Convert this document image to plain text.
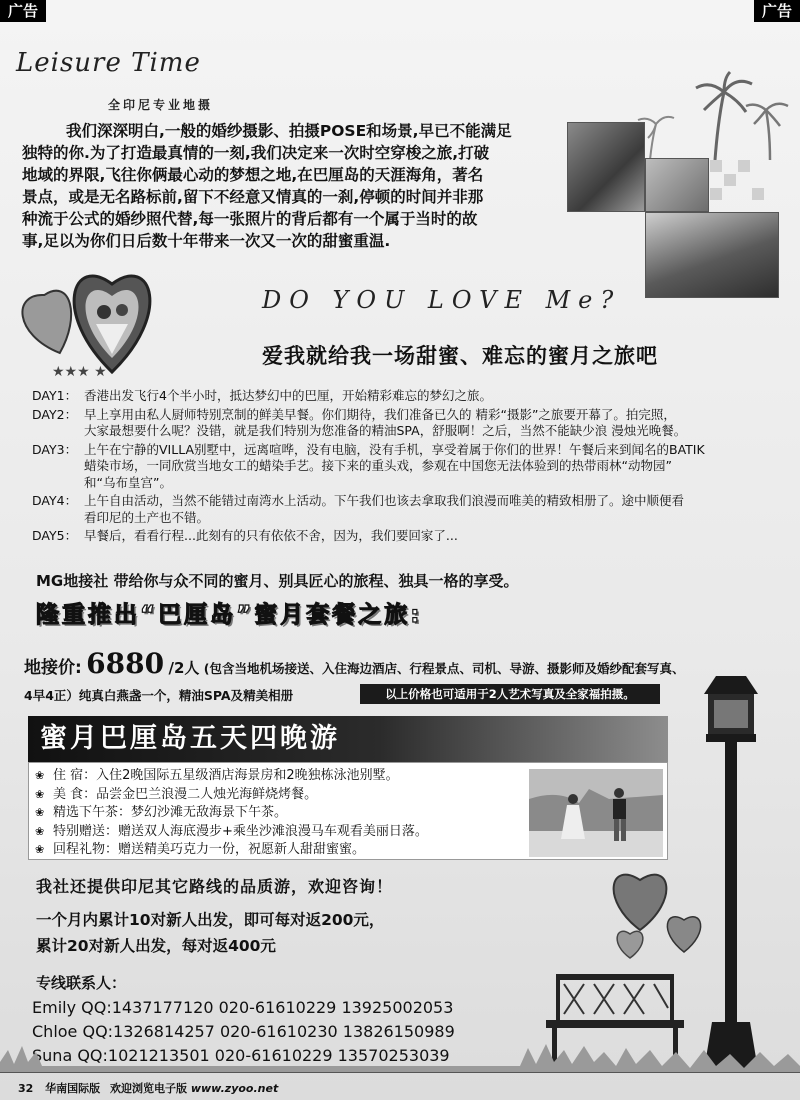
广告	广告
Leisure Time
全印尼专业地摄
我们深深明白,一般的婚纱摄影、拍摄POSE和场景,早已不能满足
独特的你.为了打造最真情的一刻,我们决定来一次时空穿梭之旅,打破
地域的界限,飞往你俩最心动的梦想之地,在巴厘岛的天涯海角，著名
景点，或是无名路标前,留下不经意又情真的一刹,停顿的时间并非那
种流于公式的婚纱照代替,每一张照片的背后都有一个属于当时的故
事,足以为你们日后数十年带来一次又一次的甜蜜重温.
★★★ ★
DO YOU LOVE Me?
爱我就给我一场甜蜜、难忘的蜜月之旅吧
DAY1： 香港出发飞行4个半小时，抵达梦幻中的巴厘，开始精彩难忘的梦幻之旅。
DAY2： 早上享用由私人厨师特别烹制的鲜美早餐。你们期待，我们准备已久的 精彩“摄影”之旅要开幕了。拍完照，
大家最想要什么呢？没错，就是我们特别为您准备的精油SPA，舒服啊！之后，当然不能缺少浪 漫烛光晚餐。
DAY3： 上午在宁静的VILLA别墅中，远离喧哗，没有电脑，没有手机，享受着属于你们的世界！午餐后来到闻名的BATIK
蜡染市场，一同欣赏当地女工的蜡染手艺。接下来的重头戏，参观在中国您无法体验到的热带雨林“动物园”
和“乌布皇宫”。
DAY4： 上午自由活动，当然不能错过南湾水上活动。下午我们也该去拿取我们浪漫而唯美的精致相册了。途中顺便看
看印尼的土产也不错。
DAY5： 早餐后，看看行程...此刻有的只有依依不舍，因为，我们要回家了...
MG地接社 带给你与众不同的蜜月、别具匠心的旅程、独具一格的享受。
隆重推出“巴厘岛”蜜月套餐之旅:
地接价: 6880 /2人 (包含当地机场接送、入住海边酒店、行程景点、司机、导游、摄影师及婚纱配套写真、
4早4正）纯真白燕盏一个，精油SPA及精美相册	以上价格也可适用于2人艺术写真及全家福拍摄。
蜜月巴厘岛五天四晚游
❀ 住 宿：入住2晚国际五星级酒店海景房和2晚独栋泳池别墅。
❀ 美 食：品尝金巴兰浪漫二人烛光海鲜烧烤餐。
❀ 精选下午茶：梦幻沙滩无敌海景下午茶。
❀ 特别赠送：赠送双人海底漫步+乘坐沙滩浪漫马车观看美丽日落。
❀ 回程礼物：赠送精美巧克力一份，祝愿新人甜甜蜜蜜。
我社还提供印尼其它路线的品质游，欢迎咨询！
一个月内累计10对新人出发，即可每对返200元，
累计20对新人出发，每对返400元
专线联系人：
Emily QQ:1437177120 020-61610229 13925002053
Chloe QQ:1326814257 020-61610230 13826150989
Suna QQ:1021213501 020-61610229 13570253039
32 华南国际版 欢迎浏览电子版 www.zyoo.net
